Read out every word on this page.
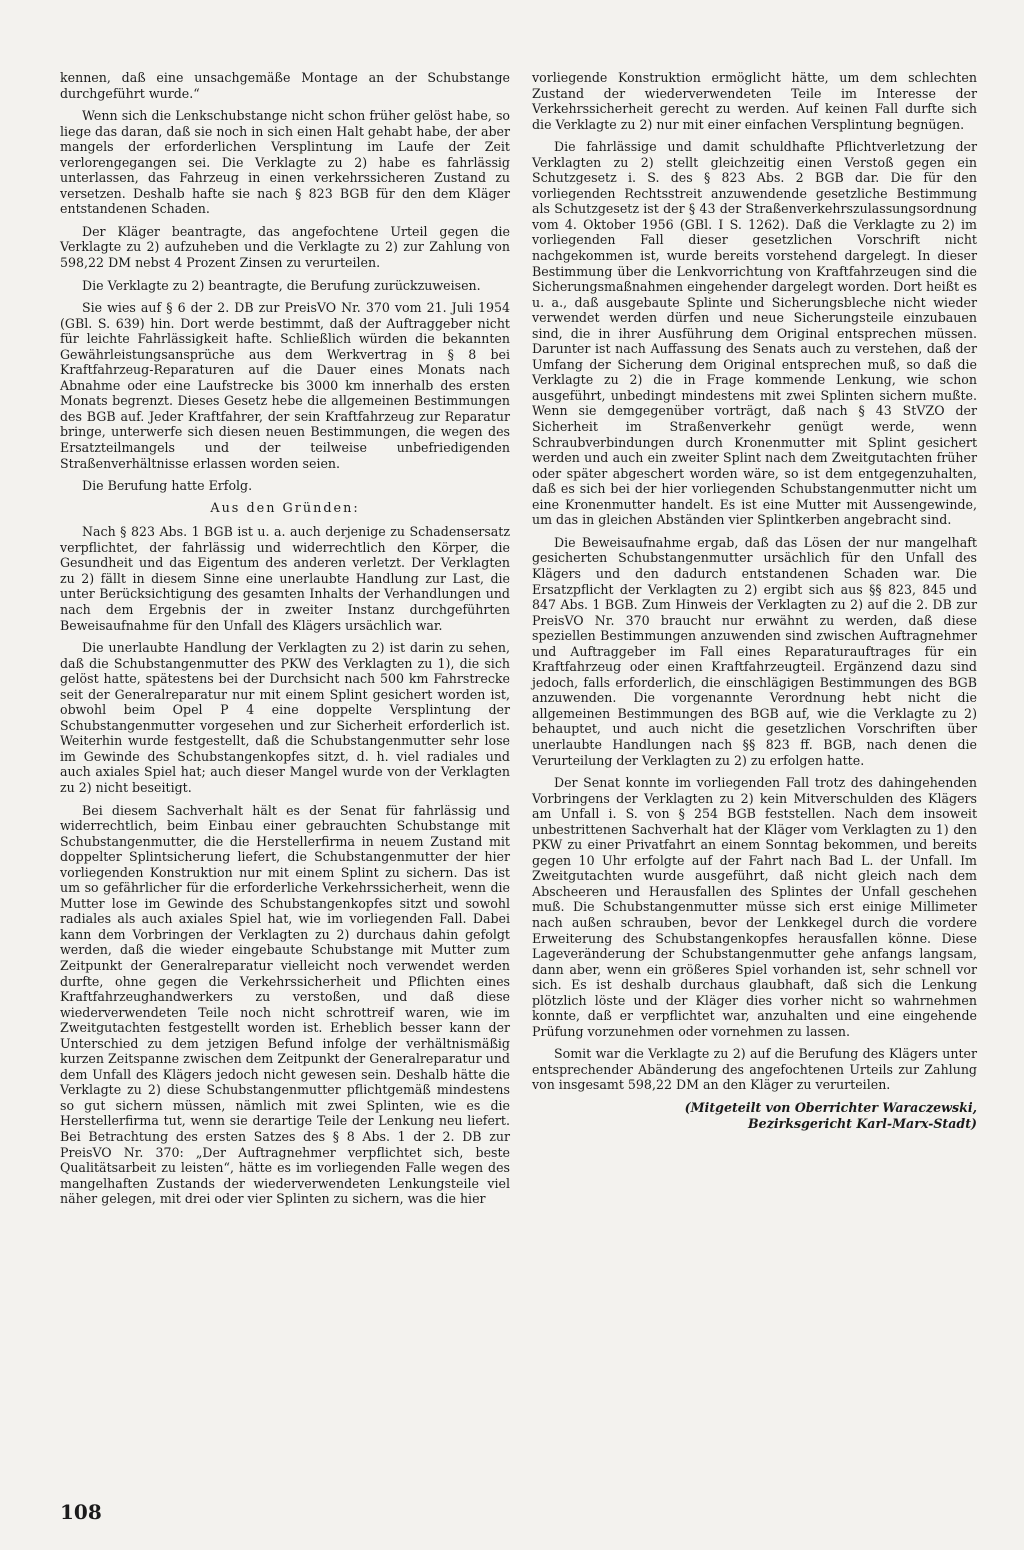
kennen, daß eine unsachgemäße Montage an der Schubstange durchgeführt wurde.“

Wenn sich die Lenkschubstange nicht schon früher gelöst habe, so liege das daran, daß sie noch in sich einen Halt gehabt habe, der aber mangels der erforderlichen Versplintung im Laufe der Zeit verlorengegangen sei. Die Verklagte zu 2) habe es fahrlässig unterlassen, das Fahrzeug in einen verkehrssicheren Zustand zu versetzen. Deshalb hafte sie nach § 823 BGB für den dem Kläger entstandenen Schaden.

Der Kläger beantragte, das angefochtene Urteil gegen die Verklagte zu 2) aufzuheben und die Verklagte zu 2) zur Zahlung von 598,22 DM nebst 4 Prozent Zinsen zu verurteilen.

Die Verklagte zu 2) beantragte, die Berufung zurückzuweisen.

Sie wies auf § 6 der 2. DB zur PreisVO Nr. 370 vom 21. Juli 1954 (GBl. S. 639) hin. Dort werde bestimmt, daß der Auftraggeber nicht für leichte Fahrlässigkeit hafte. Schließlich würden die bekannten Gewährleistungsansprüche aus dem Werkvertrag in § 8 bei Kraftfahrzeug-Reparaturen auf die Dauer eines Monats nach Abnahme oder eine Laufstrecke bis 3000 km innerhalb des ersten Monats begrenzt. Dieses Gesetz hebe die allgemeinen Bestimmungen des BGB auf. Jeder Kraftfahrer, der sein Kraftfahrzeug zur Reparatur bringe, unterwerfe sich diesen neuen Bestimmungen, die wegen des Ersatzteilmangels und der teilweise unbefriedigenden Straßenverhältnisse erlassen worden seien.

Die Berufung hatte Erfolg.

Aus den Gründen:

Nach § 823 Abs. 1 BGB ist u. a. auch derjenige zu Schadensersatz verpflichtet, der fahrlässig und widerrechtlich den Körper, die Gesundheit und das Eigentum des anderen verletzt. Der Verklagten zu 2) fällt in diesem Sinne eine unerlaubte Handlung zur Last, die unter Berücksichtigung des gesamten Inhalts der Verhandlungen und nach dem Ergebnis der in zweiter Instanz durchgeführten Beweisaufnahme für den Unfall des Klägers ursächlich war.

Die unerlaubte Handlung der Verklagten zu 2) ist darin zu sehen, daß die Schubstangenmutter des PKW des Verklagten zu 1), die sich gelöst hatte, spätestens bei der Durchsicht nach 500 km Fahrstrecke seit der Generalreparatur nur mit einem Splint gesichert worden ist, obwohl beim Opel P 4 eine doppelte Versplintung der Schubstangenmutter vorgesehen und zur Sicherheit erforderlich ist. Weiterhin wurde festgestellt, daß die Schubstangenmutter sehr lose im Gewinde des Schubstangenkopfes sitzt, d. h. viel radiales und auch axiales Spiel hat; auch dieser Mangel wurde von der Verklagten zu 2) nicht beseitigt.

Bei diesem Sachverhalt hält es der Senat für fahrlässig und widerrechtlich, beim Einbau einer gebrauchten Schubstange mit Schubstangenmutter, die die Herstellerfirma in neuem Zustand mit doppelter Splintsicherung liefert, die Schubstangenmutter der hier vorliegenden Konstruktion nur mit einem Splint zu sichern. Das ist um so gefährlicher für die erforderliche Verkehrssicherheit, wenn die Mutter lose im Gewinde des Schubstangenkopfes sitzt und sowohl radiales als auch axiales Spiel hat, wie im vorliegenden Fall. Dabei kann dem Vorbringen der Verklagten zu 2) durchaus dahin gefolgt werden, daß die wieder eingebaute Schubstange mit Mutter zum Zeitpunkt der Generalreparatur vielleicht noch verwendet werden durfte, ohne gegen die Verkehrssicherheit und Pflichten eines Kraftfahrzeughandwerkers zu verstoßen, und daß diese wiederverwendeten Teile noch nicht schrottreif waren, wie im Zweitgutachten festgestellt worden ist. Erheblich besser kann der Unterschied zu dem jetzigen Befund infolge der verhältnismäßig kurzen Zeitspanne zwischen dem Zeitpunkt der Generalreparatur und dem Unfall des Klägers jedoch nicht gewesen sein. Deshalb hätte die Verklagte zu 2) diese Schubstangenmutter pflichtgemäß mindestens so gut sichern müssen, nämlich mit zwei Splinten, wie es die Herstellerfirma tut, wenn sie derartige Teile der Lenkung neu liefert. Bei Betrachtung des ersten Satzes des § 8 Abs. 1 der 2. DB zur PreisVO Nr. 370: „Der Auftragnehmer verpflichtet sich, beste Qualitätsarbeit zu leisten“, hätte es im vorliegenden Falle wegen des mangelhaften Zustands der wiederverwendeten Lenkungsteile viel näher gelegen, mit drei oder vier Splinten zu sichern, was die hier

vorliegende Konstruktion ermöglicht hätte, um dem schlechten Zustand der wiederverwendeten Teile im Interesse der Verkehrssicherheit gerecht zu werden. Auf keinen Fall durfte sich die Verklagte zu 2) nur mit einer einfachen Versplintung begnügen.

Die fahrlässige und damit schuldhafte Pflichtverletzung der Verklagten zu 2) stellt gleichzeitig einen Verstoß gegen ein Schutzgesetz i. S. des § 823 Abs. 2 BGB dar. Die für den vorliegenden Rechtsstreit anzuwendende gesetzliche Bestimmung als Schutzgesetz ist der § 43 der Straßenverkehrszulassungsordnung vom 4. Oktober 1956 (GBl. I S. 1262). Daß die Verklagte zu 2) im vorliegenden Fall dieser gesetzlichen Vorschrift nicht nachgekommen ist, wurde bereits vorstehend dargelegt. In dieser Bestimmung über die Lenkvorrichtung von Kraftfahrzeugen sind die Sicherungsmaßnahmen eingehender dargelegt worden. Dort heißt es u. a., daß ausgebaute Splinte und Sicherungsbleche nicht wieder verwendet werden dürfen und neue Sicherungsteile einzubauen sind, die in ihrer Ausführung dem Original entsprechen müssen. Darunter ist nach Auffassung des Senats auch zu verstehen, daß der Umfang der Sicherung dem Original entsprechen muß, so daß die Verklagte zu 2) die in Frage kommende Lenkung, wie schon ausgeführt, unbedingt mindestens mit zwei Splinten sichern mußte. Wenn sie demgegenüber vorträgt, daß nach § 43 StVZO der Sicherheit im Straßenverkehr genügt werde, wenn Schraubverbindungen durch Kronenmutter mit Splint gesichert werden und auch ein zweiter Splint nach dem Zweitgutachten früher oder später abgeschert worden wäre, so ist dem entgegenzuhalten, daß es sich bei der hier vorliegenden Schubstangenmutter nicht um eine Kronenmutter handelt. Es ist eine Mutter mit Aussengewinde, um das in gleichen Abständen vier Splintkerben angebracht sind.

Die Beweisaufnahme ergab, daß das Lösen der nur mangelhaft gesicherten Schubstangenmutter ursächlich für den Unfall des Klägers und den dadurch entstandenen Schaden war. Die Ersatzpflicht der Verklagten zu 2) ergibt sich aus §§ 823, 845 und 847 Abs. 1 BGB. Zum Hinweis der Verklagten zu 2) auf die 2. DB zur PreisVO Nr. 370 braucht nur erwähnt zu werden, daß diese speziellen Bestimmungen anzuwenden sind zwischen Auftragnehmer und Auftraggeber im Fall eines Reparaturauftrages für ein Kraftfahrzeug oder einen Kraftfahrzeugteil. Ergänzend dazu sind jedoch, falls erforderlich, die einschlägigen Bestimmungen des BGB anzuwenden. Die vorgenannte Verordnung hebt nicht die allgemeinen Bestimmungen des BGB auf, wie die Verklagte zu 2) behauptet, und auch nicht die gesetzlichen Vorschriften über unerlaubte Handlungen nach §§ 823 ff. BGB, nach denen die Verurteilung der Verklagten zu 2) zu erfolgen hatte.

Der Senat konnte im vorliegenden Fall trotz des dahingehenden Vorbringens der Verklagten zu 2) kein Mitverschulden des Klägers am Unfall i. S. von § 254 BGB feststellen. Nach dem insoweit unbestrittenen Sachverhalt hat der Kläger vom Verklagten zu 1) den PKW zu einer Privatfahrt an einem Sonntag bekommen, und bereits gegen 10 Uhr erfolgte auf der Fahrt nach Bad L. der Unfall. Im Zweitgutachten wurde ausgeführt, daß nicht gleich nach dem Abscheeren und Herausfallen des Splintes der Unfall geschehen muß. Die Schubstangenmutter müsse sich erst einige Millimeter nach außen schrauben, bevor der Lenkkegel durch die vordere Erweiterung des Schubstangenkopfes herausfallen könne. Diese Lageveränderung der Schubstangenmutter gehe anfangs langsam, dann aber, wenn ein größeres Spiel vorhanden ist, sehr schnell vor sich. Es ist deshalb durchaus glaubhaft, daß sich die Lenkung plötzlich löste und der Kläger dies vorher nicht so wahrnehmen konnte, daß er verpflichtet war, anzuhalten und eine eingehende Prüfung vorzunehmen oder vornehmen zu lassen.

Somit war die Verklagte zu 2) auf die Berufung des Klägers unter entsprechender Abänderung des angefochtenen Urteils zur Zahlung von insgesamt 598,22 DM an den Kläger zu verurteilen.

(Mitgeteilt von Oberrichter Waraczewski,
Bezirksgericht Karl-Marx-Stadt)
108
